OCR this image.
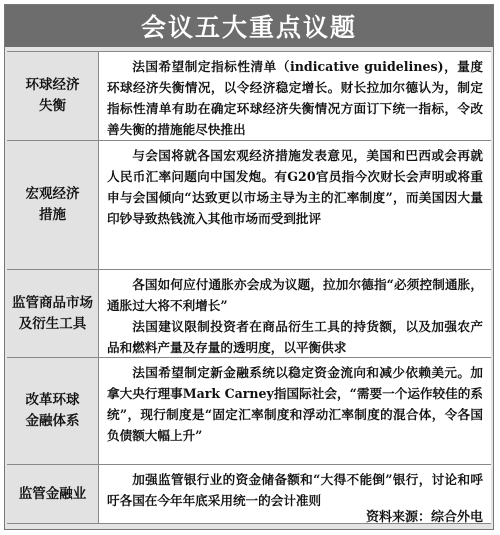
会议五大重点议题
环球经济
失衡

法国希望制定指标性清单（indicative guidelines)，量度环球经济失衡情况，以令经济稳定增长。财长拉加尔德认为，制定指标性清单有助在确定环球经济失衡情况方面订下统一指标，令改善失衡的措施能尽快推出

宏观经济
措施

与会国将就各国宏观经济措施发表意见，美国和巴西或会再就人民币汇率问题向中国发炮。有G20官员指今次财长会声明或将重申与会国倾向“达致更以市场主导为主的汇率制度”，而美国因大量印钞导致热钱流入其他市场而受到批评

监管商品市场
及衍生工具

各国如何应付通胀亦会成为议题，拉加尔德指“必须控制通胀，通胀过大将不利增长”

法国建议限制投资者在商品衍生工具的持货额，以及加强农产品和燃料产量及存量的透明度，以平衡供求

改革环球
金融体系

法国希望制定新金融系统以稳定资金流向和减少依赖美元。加拿大央行理事Mark Carney指国际社会，“需要一个运作较佳的系统”，现行制度是“固定汇率制度和浮动汇率制度的混合体，令各国负债额大幅上升”

监管金融业

加强监管银行业的资金储备额和“大得不能倒”银行，讨论和呼吁各国在今年年底采用统一的会计准则

资料来源：综合外电
